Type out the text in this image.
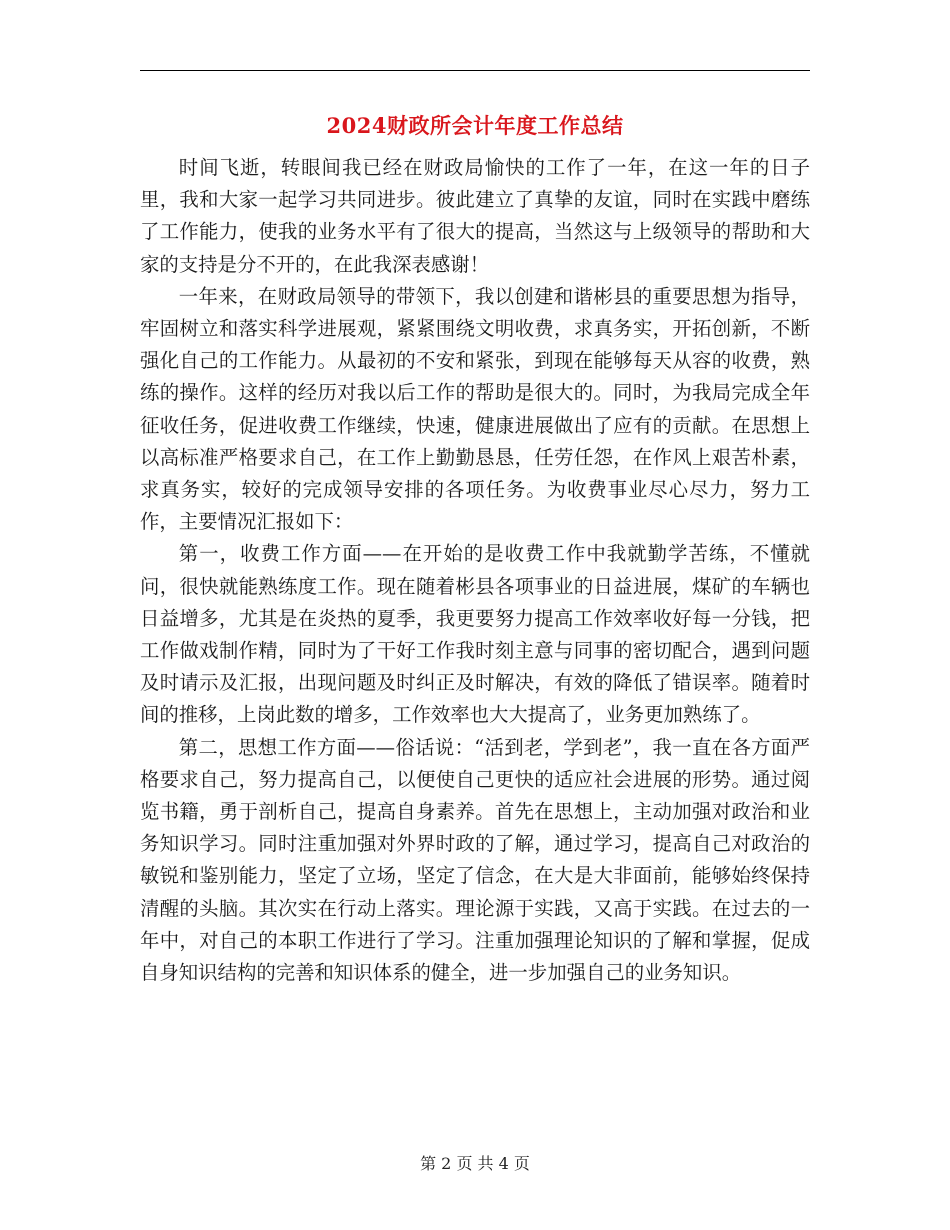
2024财政所会计年度工作总结

时间飞逝，转眼间我已经在财政局愉快的工作了一年，在这一年的日子里，我和大家一起学习共同进步。彼此建立了真挚的友谊，同时在实践中磨练了工作能力，使我的业务水平有了很大的提高，当然这与上级领导的帮助和大家的支持是分不开的，在此我深表感谢！

一年来，在财政局领导的带领下，我以创建和谐彬县的重要思想为指导，牢固树立和落实科学进展观，紧紧围绕文明收费，求真务实，开拓创新，不断强化自己的工作能力。从最初的不安和紧张，到现在能够每天从容的收费，熟练的操作。这样的经历对我以后工作的帮助是很大的。同时，为我局完成全年征收任务，促进收费工作继续，快速，健康进展做出了应有的贡献。在思想上以高标准严格要求自己，在工作上勤勤恳恳，任劳任怨，在作风上艰苦朴素，求真务实，较好的完成领导安排的各项任务。为收费事业尽心尽力，努力工作，主要情况汇报如下：

第一，收费工作方面——在开始的是收费工作中我就勤学苦练，不懂就问，很快就能熟练度工作。现在随着彬县各项事业的日益进展，煤矿的车辆也日益增多，尤其是在炎热的夏季，我更要努力提高工作效率收好每一分钱，把工作做戏制作精，同时为了干好工作我时刻主意与同事的密切配合，遇到问题及时请示及汇报，出现问题及时纠正及时解决，有效的降低了错误率。随着时间的推移，上岗此数的增多，工作效率也大大提高了，业务更加熟练了。

第二，思想工作方面——俗话说：“活到老，学到老”，我一直在各方面严格要求自己，努力提高自己，以便使自己更快的适应社会进展的形势。通过阅览书籍，勇于剖析自己，提高自身素养。首先在思想上，主动加强对政治和业务知识学习。同时注重加强对外界时政的了解，通过学习，提高自己对政治的敏锐和鉴别能力，坚定了立场，坚定了信念，在大是大非面前，能够始终保持清醒的头脑。其次实在行动上落实。理论源于实践，又高于实践。在过去的一年中，对自己的本职工作进行了学习。注重加强理论知识的了解和掌握，促成自身知识结构的完善和知识体系的健全，进一步加强自己的业务知识。

第 2 页 共 4 页
